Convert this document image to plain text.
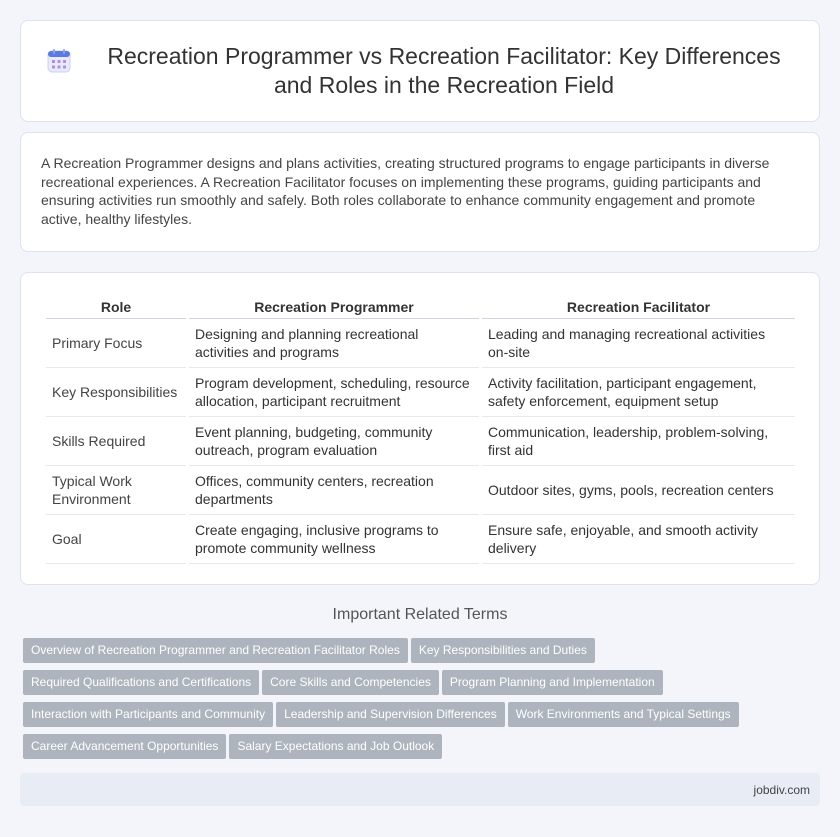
Recreation Programmer vs Recreation Facilitator: Key Differences and Roles in the Recreation Field

A Recreation Programmer designs and plans activities, creating structured programs to engage participants in diverse recreational experiences. A Recreation Facilitator focuses on implementing these programs, guiding participants and ensuring activities run smoothly and safely. Both roles collaborate to enhance community engagement and promote active, healthy lifestyles.

Role	Recreation Programmer	Recreation Facilitator
Primary Focus	Designing and planning recreational activities and programs	Leading and managing recreational activities on-site
Key Responsibilities	Program development, scheduling, resource allocation, participant recruitment	Activity facilitation, participant engagement, safety enforcement, equipment setup
Skills Required	Event planning, budgeting, community outreach, program evaluation	Communication, leadership, problem-solving, first aid
Typical Work Environment	Offices, community centers, recreation departments	Outdoor sites, gyms, pools, recreation centers
Goal	Create engaging, inclusive programs to promote community wellness	Ensure safe, enjoyable, and smooth activity delivery
Important Related Terms
Overview of Recreation Programmer and Recreation Facilitator Roles Key Responsibilities and Duties
Required Qualifications and Certifications Core Skills and Competencies Program Planning and Implementation
Interaction with Participants and Community Leadership and Supervision Differences Work Environments and Typical Settings
Career Advancement Opportunities Salary Expectations and Job Outlook
jobdiv.com
